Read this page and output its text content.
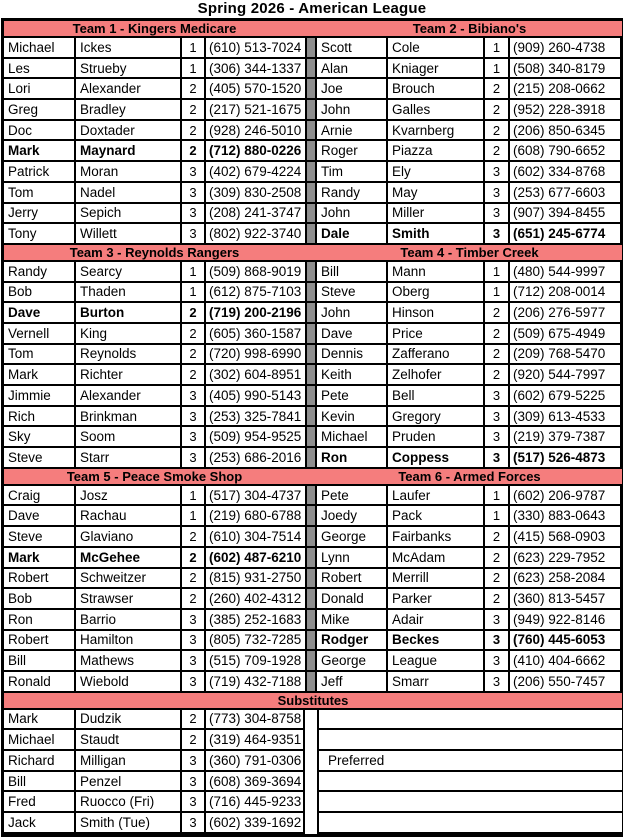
Spring 2026 - American League
Team 1 - Kingers Medicare	Team 2 - Bibiano's
Michael	Ickes	1 (610) 513-7024 Scott	Cole	1 (909) 260-4738
Les	Strueby	1 (306) 344-1337 Alan	Kniager	1 (508) 340-8179
Lori	Alexander	2 (405) 570-1520 Joe	Brouch	2 (215) 208-0662
Greg	Bradley	2 (217) 521-1675 John	Galles	2 (952) 228-3918
Doc	Doxtader	2 (928) 246-5010 Arnie	Kvarnberg	2 (206) 850-6345
Mark	Maynard	2 (712) 880-0226 Roger	Piazza	2 (608) 790-6652
Patrick	Moran	3 (402) 679-4224 Tim	Ely	3 (602) 334-8768
Tom	Nadel	3 (309) 830-2508 Randy	May	3 (253) 677-6603
Jerry	Sepich	3 (208) 241-3747 John	Miller	3 (907) 394-8455
Tony	Willett	3 (802) 922-3740 Dale	Smith	3 (651) 245-6774
Team 3 - Reynolds Rangers	Team 4 - Timber Creek
Randy	Searcy	1 (509) 868-9019 Bill	Mann	1 (480) 544-9997
Bob	Thaden	1 (612) 875-7103 Steve	Oberg	1 (712) 208-0014
Dave	Burton	2 (719) 200-2196 John	Hinson	2 (206) 276-5977
Vernell	King	2 (605) 360-1587 Dave	Price	2 (509) 675-4949
Tom	Reynolds	2 (720) 998-6990 Dennis	Zafferano	2 (209) 768-5470
Mark	Richter	2 (302) 604-8951 Keith	Zelhofer	2 (920) 544-7997
Jimmie	Alexander	3 (405) 990-5143 Pete	Bell	3 (602) 679-5225
Rich	Brinkman	3 (253) 325-7841 Kevin	Gregory	3 (309) 613-4533
Sky	Soom	3 (509) 954-9525 Michael	Pruden	3 (219) 379-7387
Steve	Starr	3 (253) 686-2016 Ron	Coppess	3 (517) 526-4873
Team 5 - Peace Smoke Shop	Team 6 - Armed Forces
Craig	Josz	1 (517) 304-4737 Pete	Laufer	1 (602) 206-9787
Dave	Rachau	1 (219) 680-6788 Joedy	Pack	1 (330) 883-0643
Steve	Glaviano	2 (610) 304-7514 George	Fairbanks	2 (415) 568-0903
Mark	McGehee	2 (602) 487-6210 Lynn	McAdam	2 (623) 229-7952
Robert	Schweitzer	2 (815) 931-2750 Robert	Merrill	2 (623) 258-2084
Bob	Strawser	2 (260) 402-4312 Donald	Parker	2 (360) 813-5457
Ron	Barrio	3 (385) 252-1683 Mike	Adair	3 (949) 922-8146
Robert	Hamilton	3 (805) 732-7285 Rodger	Beckes	3 (760) 445-6053
Bill	Mathews	3 (515) 709-1928 George	League	3 (410) 404-6662
Ronald	Wiebold	3 (719) 432-7188 Jeff	Smarr	3 (206) 550-7457
Substitutes
Mark	Dudzik	2 (773) 304-8758
Michael	Staudt	2 (319) 464-9351
Richard	Milligan	3 (360) 791-0306	Preferred
Bill	Penzel	3 (608) 369-3694
Fred	Ruocco (Fri)	3 (716) 445-9233
Jack	Smith (Tue)	3 (602) 339-1692
